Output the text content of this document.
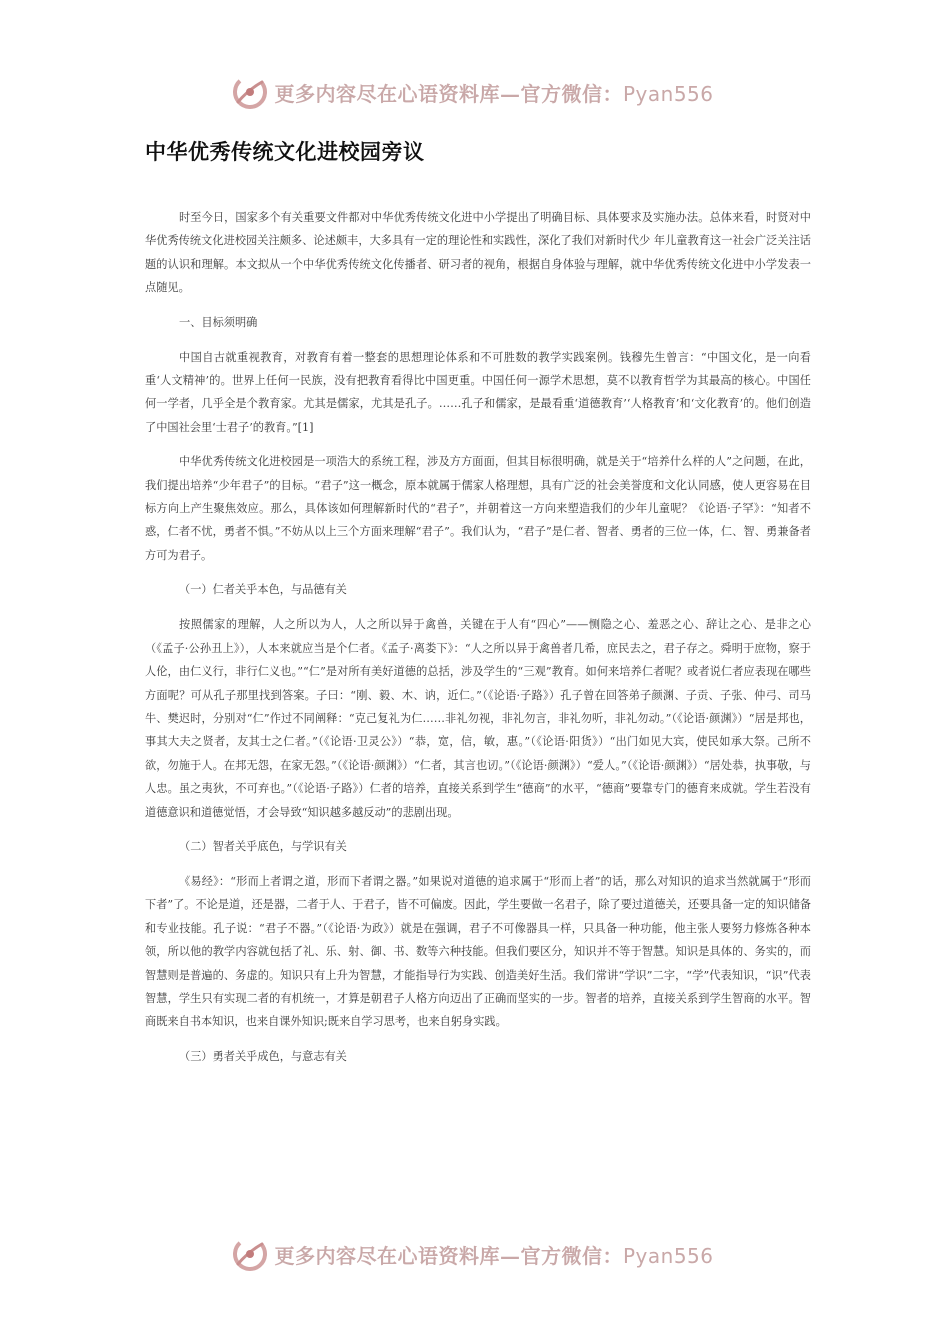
更多内容尽在心语资料库—官方微信：Pyan556
中华优秀传统文化进校园旁议

时至今日，国家多个有关重要文件都对中华优秀传统文化进中小学提出了明确目标、具体要求及实施办法。总体来看，时贤对中华优秀传统文化进校园关注颇多、论述颇丰，大多具有一定的理论性和实践性，深化了我们对新时代少 年儿童教育这一社会广泛关注话题的认识和理解。本文拟从一个中华优秀传统文化传播者、研习者的视角，根据自身体验与理解，就中华优秀传统文化进中小学发表一点随见。

一、目标须明确

中国自古就重视教育，对教育有着一整套的思想理论体系和不可胜数的教学实践案例。钱穆先生曾言：“中国文化，是一向看重‘人文精神’的。世界上任何一民族，没有把教育看得比中国更重。中国任何一源学术思想，莫不以教育哲学为其最高的核心。中国任何一学者，几乎全是个教育家。尤其是儒家，尤其是孔子。……孔子和儒家，是最看重‘道德教育’‘人格教育’和‘文化教育’的。他们创造了中国社会里‘士君子’的教育。”[1]

中华优秀传统文化进校园是一项浩大的系统工程，涉及方方面面，但其目标很明确，就是关于“培养什么样的人”之问题，在此，我们提出培养“少年君子”的目标。“君子”这一概念，原本就属于儒家人格理想，具有广泛的社会美誉度和文化认同感，使人更容易在目标方向上产生聚焦效应。那么，具体该如何理解新时代的“君子”，并朝着这一方向来塑造我们的少年儿童呢？《论语·子罕》：“知者不惑，仁者不忧，勇者不惧。”不妨从以上三个方面来理解“君子”。我们认为，“君子”是仁者、智者、勇者的三位一体，仁、智、勇兼备者方可为君子。

（一）仁者关乎本色，与品德有关

按照儒家的理解，人之所以为人，人之所以异于禽兽，关键在于人有“四心”——恻隐之心、羞恶之心、辞让之心、是非之心（《孟子·公孙丑上》），人本来就应当是个仁者。《孟子·离娄下》：“人之所以异于禽兽者几希，庶民去之，君子存之。舜明于庶物，察于人伦，由仁义行，非行仁义也。”“仁”是对所有美好道德的总括，涉及学生的“三观”教育。如何来培养仁者呢？或者说仁者应表现在哪些方面呢？可从孔子那里找到答案。子曰：“刚、毅、木、讷，近仁。”（《论语·子路》）孔子曾在回答弟子颜渊、子贡、子张、仲弓、司马牛、樊迟时，分别对“仁”作过不同阐释：“克己复礼为仁……非礼勿视，非礼勿言，非礼勿听，非礼勿动。”（《论语·颜渊》）“居是邦也，事其大夫之贤者，友其士之仁者。”（《论语·卫灵公》）“恭，宽，信，敏，惠。”（《论语·阳货》）“出门如见大宾，使民如承大祭。己所不欲，勿施于人。在邦无怨，在家无怨。”（《论语·颜渊》）“仁者，其言也讱。”（《论语·颜渊》）“爱人。”（《论语·颜渊》）“居处恭，执事敬，与人忠。虽之夷狄，不可弃也。”（《论语·子路》）仁者的培养，直接关系到学生“德商”的水平，“德商”要靠专门的德育来成就。学生若没有道德意识和道德觉悟，才会导致“知识越多越反动”的悲剧出现。

（二）智者关乎底色，与学识有关

《易经》：“形而上者谓之道，形而下者谓之器。”如果说对道德的追求属于“形而上者”的话，那么对知识的追求当然就属于“形而下者”了。不论是道，还是器，二者于人、于君子，皆不可偏废。因此，学生要做一名君子，除了要过道德关，还要具备一定的知识储备和专业技能。孔子说：“君子不器。”（《论语·为政》）就是在强调，君子不可像器具一样，只具备一种功能，他主张人要努力修炼各种本领，所以他的教学内容就包括了礼、乐、射、御、书、数等六种技能。但我们要区分，知识并不等于智慧。知识是具体的、务实的，而智慧则是普遍的、务虚的。知识只有上升为智慧，才能指导行为实践、创造美好生活。我们常讲“学识”二字，“学”代表知识，“识”代表智慧，学生只有实现二者的有机统一，才算是朝君子人格方向迈出了正确而坚实的一步。智者的培养，直接关系到学生智商的水平。智商既来自书本知识，也来自课外知识;既来自学习思考，也来自躬身实践。

（三）勇者关乎成色，与意志有关

更多内容尽在心语资料库—官方微信：Pyan556
